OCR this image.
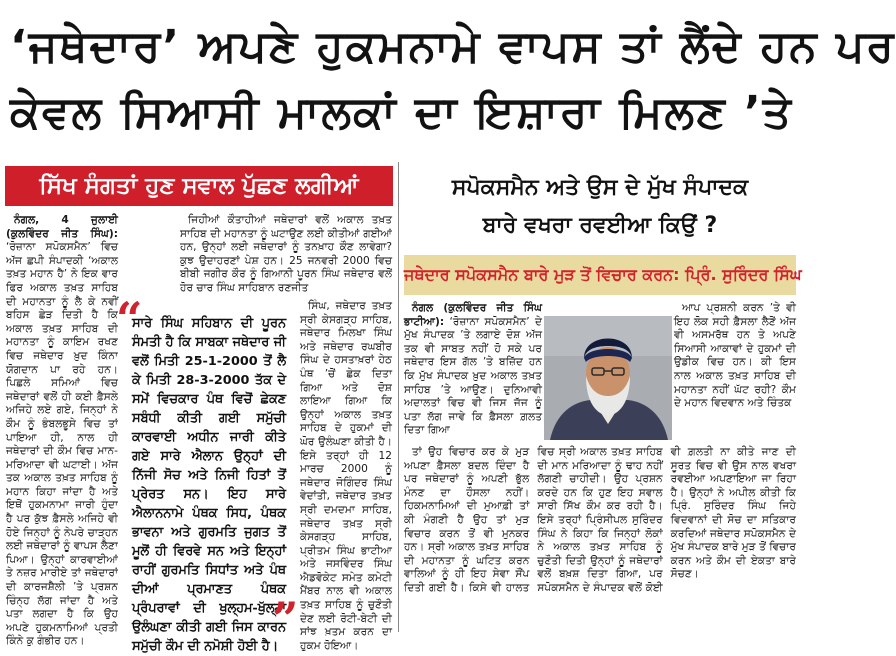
‘ਜਥੇਦਾਰ’ ਅਪਣੇ ਹੁਕਮਨਾਮੇ ਵਾਪਸ ਤਾਂ ਲੈਂਦੇ ਹਨ ਪਰ
ਕੇਵਲ ਸਿਆਸੀ ਮਾਲਕਾਂ ਦਾ ਇਸ਼ਾਰਾ ਮਿਲਣ ’ਤੇ
ਸਿੱਖ ਸੰਗਤਾਂ ਹੁਣ ਸਵਾਲ ਪੁੱਛਣ ਲਗੀਆਂ	ਸਪੋਕਸਮੈਨ ਅਤੇ ਉਸ ਦੇ ਮੁੱਖ ਸੰਪਾਦਕ
ਬਾਰੇ ਵਖਰਾ ਰਵਈਆ ਕਿਉਂ ?
ਜਥੇਦਾਰ ਸਪੋਕਸਮੈਨ ਬਾਰੇ ਮੁੜ ਤੋਂ ਵਿਚਾਰ ਕਰਨ: ਪ੍ਰਿੰ. ਸੁਰਿੰਦਰ ਸਿੰਘ

ਨੰਗਲ, 4 ਜੁਲਾਈ (ਕੁਲਵਿੰਦਰ ਜੀਤ ਸਿੰਘ): ‘ਰੋਜ਼ਾਨਾ ਸਪੋਕਸਮੈਨ’ ਵਿਚ ਅੱਜ ਛਪੀ ਸੰਪਾਦਕੀ ‘ਅਕਾਲ ਤਖ਼ਤ ਮਹਾਨ ਹੈ’ ਨੇ ਇਕ ਵਾਰ ਫਿਰ ਅਕਾਲ ਤਖ਼ਤ ਸਾਹਿਬ ਦੀ ਮਹਾਨਤਾ ਨੂੰ ਲੈ ਕੇ ਨਵੀਂ ਬਹਿਸ ਛੇੜ ਦਿਤੀ ਹੈ ਕਿ ਅਕਾਲ ਤਖ਼ਤ ਸਾਹਿਬ ਦੀ ਮਹਾਨਤਾ ਨੂੰ ਕਾਇਮ ਰਖਣ ਵਿਚ ਜਥੇਦਾਰ ਖ਼ੁਦ ਕਿੰਨਾ ਯੋਗਦਾਨ ਪਾ ਰਹੇ ਹਨ। ਪਿਛਲੇ ਸਮਿਆਂ ਵਿਚ ਜਥੇਦਾਰਾਂ ਵਲੋਂ ਹੀ ਕਈ ਫ਼ੈਸਲੇ ਅਜਿਹੇ ਲਏ ਗਏ, ਜਿਨ੍ਹਾਂ ਨੇ ਕੌਮ ਨੂੰ ਭੰਬਲਭੂਸੇ ਵਿਚ ਤਾਂ ਪਾਇਆ ਹੀ, ਨਾਲ ਹੀ ਜਥੇਦਾਰਾਂ ਦੀ ਕੌਮ ਵਿਚ ਮਾਨ-ਮਰਿਆਦਾ ਵੀ ਘਟਾਈ। ਅੱਜ ਤਕ ਅਕਾਲ ਤਖ਼ਤ ਸਾਹਿਬ ਨੂੰ ਮਹਾਨ ਕਿਹਾ ਜਾਂਦਾ ਹੈ ਅਤੇ ਇਥੋਂ ਹੁਕਮਨਾਮਾ ਜਾਰੀ ਹੁੰਦਾ ਹੈ ਪਰ ਕੁੱਝ ਫ਼ੈਸਲੇ ਅਜਿਹੇ ਵੀ ਹੋਏ ਜਿਨ੍ਹਾਂ ਨੂੰ ਨੇਪਰੇ ਚਾੜ੍ਹਨ ਲਈ ਜਥੇਦਾਰਾਂ ਨੂੰ ਵਾਪਸ ਲੈਣਾ ਪਿਆ। ਉਨ੍ਹਾਂ ਕਾਰਵਾਈਆਂ ਤੇ ਨਜ਼ਰ ਮਾਰੀਏ ਤਾਂ ਜਥੇਦਾਰਾਂ ਦੀ ਕਾਰਜਸ਼ੈਲੀ ’ਤੇ ਪ੍ਰਸ਼ਨ ਚਿੰਨ੍ਹ ਲੱਗ ਜਾਂਦਾ ਹੈ ਅਤੇ ਪਤਾ ਲਗਦਾ ਹੈ ਕਿ ਉਹ ਅਪਣੇ ਹੁਕਮਨਾਮਿਆਂ ਪ੍ਰਤੀ ਕਿੰਨੇ ਕੁ ਗੰਭੀਰ ਹਨ।

ਜਿਹੀਆਂ ਕੌਤਾਹੀਆਂ ਜਥੇਦਾਰਾਂ ਵਲੋਂ ਅਕਾਲ ਤਖ਼ਤ ਸਾਹਿਬ ਦੀ ਮਹਾਨਤਾ ਨੂੰ ਘਟਾਉਣ ਲਈ ਕੀਤੀਆਂ ਗਈਆਂ ਹਨ, ਉਨ੍ਹਾਂ ਲਈ ਜਥੇਦਾਰਾਂ ਨੂੰ ਤਨਖ਼ਾਹ ਕੌਣ ਲਾਵੇਗਾ? ਕੁਝ ਉਦਾਹਰਣਾਂ ਪੇਸ਼ ਹਨ। 25 ਜਨਵਰੀ 2000 ਵਿਚ ਬੀਬੀ ਜਗੀਰ ਕੌਰ ਨੂੰ ਗਿਆਨੀ ਪੂਰਨ ਸਿੰਘ ਜਥੇਦਾਰ ਵਲੋਂ ਹੋਰ ਚਾਰ ਸਿੰਘ ਸਾਹਿਬਾਨ ਰਣਜੀਤ

ਸਾਰੇ ਸਿੰਘ ਸਹਿਬਾਨ ਦੀ ਪੂਰਨ ਸੰਮਤੀ ਹੈ ਕਿ ਸਾਬਕਾ ਜਥੇਦਾਰ ਜੀ ਵਲੋਂ ਮਿਤੀ 25-1-2000 ਤੋਂ ਲੈ ਕੇ ਮਿਤੀ 28-3-2000 ਤੱਕ ਦੇ ਸਮੇਂ ਵਿਚਕਾਰ ਪੰਥ ਵਿਚੋਂ ਛੇਕਣ ਸਬੰਧੀ ਕੀਤੀ ਗਈ ਸਮੁੱਚੀ ਕਾਰਵਾਈ ਅਧੀਨ ਜਾਰੀ ਕੀਤੇ ਗਏ ਸਾਰੇ ਐਲਾਨ ਉਨ੍ਹਾਂ ਦੀ ਨਿੱਜੀ ਸੋਚ ਅਤੇ ਨਿਜੀ ਹਿਤਾਂ ਤੋਂ ਪ੍ਰੇਰਤ ਸਨ। ਇਹ ਸਾਰੇ ਐਲਾਨਨਾਮੇ ਪੰਥਕ ਸਿਧ, ਪੰਥਕ ਭਾਵਨਾ ਅਤੇ ਗੁਰਮਤਿ ਜੁਗਤ ਤੋਂ ਮੂਲੋਂ ਹੀ ਵਿਰਵੇ ਸਨ ਅਤੇ ਇਨ੍ਹਾਂ ਰਾਹੀਂ ਗੁਰਮਤਿ ਸਿਧਾਂਤ ਅਤੇ ਪੰਥ ਦੀਆਂ ਪ੍ਰਮਾਣਤ ਪੰਥਕ ਪ੍ਰੰਪਰਾਵਾਂ ਦੀ ਖੁਲ੍ਹਮ-ਖੁੱਲ੍ਹਾ ਉਲੰਘਣਾ ਕੀਤੀ ਗਈ ਜਿਸ ਕਾਰਨ ਸਮੁੱਚੀ ਕੌਮ ਦੀ ਨਮੋਸ਼ੀ ਹੋਈ ਹੈ।

“
”

ਸਿੰਘ, ਜਥੇਦਾਰ ਤਖ਼ਤ ਸ੍ਰੀ ਕੇਸਗੜ੍ਹ ਸਾਹਿਬ, ਜਥੇਦਾਰ ਮਿਲਖਾ ਸਿੰਘ ਅਤੇ ਜਥੇਦਾਰ ਰਘਬੀਰ ਸਿੰਘ ਦੇ ਹਸਤਾਖ਼ਰਾਂ ਹੇਠ ਪੰਥ ’ਚੋਂ ਛੇਕ ਦਿਤਾ ਗਿਆ ਅਤੇ ਦੋਸ਼ ਲਾਇਆ ਗਿਆ ਕਿ ਉਨ੍ਹਾਂ ਅਕਾਲ ਤਖ਼ਤ ਸਾਹਿਬ ਦੇ ਹੁਕਮਾਂ ਦੀ ਘੋਰ ਉਲੰਘਣਾ ਕੀਤੀ ਹੈ। ਇਸੇ ਤਰ੍ਹਾਂ ਹੀ 12 ਮਾਰਚ 2000 ਨੂੰ ਜਥੇਦਾਰ ਜੋਗਿੰਦਰ ਸਿੰਘ ਵੇਦਾਂਤੀ, ਜਥੇਦਾਰ ਤਖ਼ਤ ਸ੍ਰੀ ਦਮਦਮਾ ਸਾਹਿਬ, ਜਥੇਦਾਰ ਤਖ਼ਤ ਸ੍ਰੀ ਕੇਸਗੜ੍ਹ ਸਾਹਿਬ, ਪ੍ਰੀਤਮ ਸਿੰਘ ਭਾਟੀਆ ਅਤੇ ਜਸਵਿੰਦਰ ਸਿੰਘ ਐਡਵੋਕੇਟ ਸਮੇਤ ਕਮੇਟੀ ਮੈਂਬਰ ਨਾਲ ਵੀ ਅਕਾਲ ਤਖ਼ਤ ਸਾਹਿਬ ਨੂੰ ਚੁਣੌਤੀ ਦੇਣ ਲਈ ਰੋਟੀ-ਬੇਟੀ ਦੀ ਸਾਂਝ ਖ਼ਤਮ ਕਰਨ ਦਾ ਹੁਕਮ ਹੋਇਆ।

ਨੰਗਲ (ਕੁਲਵਿੰਦਰ ਜੀਤ ਸਿੰਘ ਭਾਟੀਆ): ‘ਰੋਜ਼ਾਨਾ ਸਪੋਕਸਮੈਨ’ ਦੇ ਮੁੱਖ ਸੰਪਾਦਕ ’ਤੇ ਲਗਾਏ ਦੋਸ਼ ਅੱਜ ਤਕ ਵੀ ਸਾਬਤ ਨਹੀਂ ਹੋ ਸਕੇ ਪਰ ਜਥੇਦਾਰ ਇਸ ਗੱਲ ’ਤੇ ਬਜ਼ਿੱਦ ਹਨ ਕਿ ਮੁੱਖ ਸੰਪਾਦਕ ਖ਼ੁਦ ਅਕਾਲ ਤਖ਼ਤ ਸਾਹਿਬ ’ਤੇ ਆਉਣ। ਦੁਨਿਆਵੀ ਅਦਾਲਤਾਂ ਵਿਚ ਵੀ ਜਿਸ ਜੱਜ ਨੂੰ ਪਤਾ ਲੱਗ ਜਾਵੇ ਕਿ ਫ਼ੈਸਲਾ ਗ਼ਲਤ ਦਿਤਾ ਗਿਆ

ਆਪ ਪ੍ਰਸ਼ਨੀ ਕਰਨ ’ਤੇ ਵੀ ਇਹ ਲੋਕ ਸਹੀ ਫ਼ੈਸਲਾ ਲੈਣੋਂ ਅੱਜ ਵੀ ਅਸਮਰੱਥ ਹਨ ਤੇ ਅਪਣੇ ਸਿਆਸੀ ਆਕਾਵਾਂ ਦੇ ਹੁਕਮਾਂ ਦੀ ਉਡੀਕ ਵਿਚ ਹਨ। ਕੀ ਇਸ ਨਾਲ ਅਕਾਲ ਤਖ਼ਤ ਸਾਹਿਬ ਦੀ ਮਹਾਨਤਾ ਨਹੀਂ ਘੱਟ ਰਹੀ? ਕੌਮ ਦੇ ਮਹਾਨ ਵਿਦਵਾਨ ਅਤੇ ਚਿੰਤਕ

ਤਾਂ ਉਹ ਵਿਚਾਰ ਕਰ ਕੇ ਮੁੜ ਅਪਣਾ ਫ਼ੈਸਲਾ ਬਦਲ ਦਿੰਦਾ ਹੈ ਪਰ ਜਥੇਦਾਰਾਂ ਨੂੰ ਅਪਣੀ ਭੁੱਲ ਮੰਨਣ ਦਾ ਹੌਸਲਾ ਨਹੀਂ। ਹਿਕਮਨਾਮਿਆਂ ਦੀ ਮੁਆਫ਼ੀ ਤਾਂ ਕੀ ਮੰਗਣੀ ਹੈ ਉਹ ਤਾਂ ਮੁੜ ਵਿਚਾਰ ਕਰਨ ਤੋਂ ਵੀ ਮੁਨਕਰ ਹਨ। ਸ੍ਰੀ ਅਕਾਲ ਤਖ਼ਤ ਸਾਹਿਬ ਦੀ ਮਹਾਨਤਾ ਨੂੰ ਘਟਿਤ ਕਰਨ ਵਾਲਿਆਂ ਨੂੰ ਹੀ ਇਹ ਸੇਵਾ ਸੌਂਪ ਦਿਤੀ ਗਈ ਹੈ। ਕਿਸੇ ਵੀ ਹਾਲਤ ਵਿਚ ਸ੍ਰੀ ਅਕਾਲ ਤਖ਼ਤ ਸਾਹਿਬ ਦੀ ਮਾਨ ਮਰਿਆਦਾ ਨੂੰ ਢਾਹ ਨਹੀਂ ਲੱਗਣੀ ਚਾਹੀਦੀ। ਉਹ ਪ੍ਰਸ਼ਨ ਕਰਦੇ ਹਨ ਕਿ ਹੁਣ ਇਹ ਸਵਾਲ ਸਾਰੀ ਸਿੱਖ ਕੌਮ ਕਰ ਰਹੀ ਹੈ। ਇਸੇ ਤਰ੍ਹਾਂ ਪ੍ਰਿੰਸੀਪਲ ਸੁਰਿੰਦਰ ਸਿੰਘ ਨੇ ਕਿਹਾ ਕਿ ਜਿਨ੍ਹਾਂ ਲੋਕਾਂ ਨੇ ਅਕਾਲ ਤਖ਼ਤ ਸਾਹਿਬ ਨੂੰ ਚੁਣੌਤੀ ਦਿਤੀ ਉਨ੍ਹਾਂ ਨੂੰ ਜਥੇਦਾਰਾਂ ਵਲੋਂ ਬਖ਼ਸ਼ ਦਿਤਾ ਗਿਆ, ਪਰ ਸਪੋਕਸਮੈਨ ਦੇ ਸੰਪਾਦਕ ਵਲੋਂ ਕੋਈ ਵੀ ਗ਼ਲਤੀ ਨਾ ਕੀਤੇ ਜਾਣ ਦੀ ਸੂਰਤ ਵਿਚ ਵੀ ਉਸ ਨਾਲ ਵਖਰਾ ਰਵਈਆ ਅਪਣਾਇਆ ਜਾ ਰਿਹਾ ਹੈ। ਉਨ੍ਹਾਂ ਨੇ ਅਪੀਲ ਕੀਤੀ ਕਿ ਪ੍ਰਿੰ. ਸੁਰਿੰਦਰ ਸਿੰਘ ਜਿਹੇ ਵਿਦਵਾਨਾਂ ਦੀ ਸੋਚ ਦਾ ਸਤਿਕਾਰ ਕਰਦਿਆਂ ਜਥੇਦਾਰ ਸਪੋਕਸਮੈਨ ਦੇ ਮੁੱਖ ਸੰਪਾਦਕ ਬਾਰੇ ਮੁੜ ਤੋਂ ਵਿਚਾਰ ਕਰਨ ਅਤੇ ਕੌਮ ਦੀ ਏਕਤਾ ਬਾਰੇ ਸੋਚਣ।
